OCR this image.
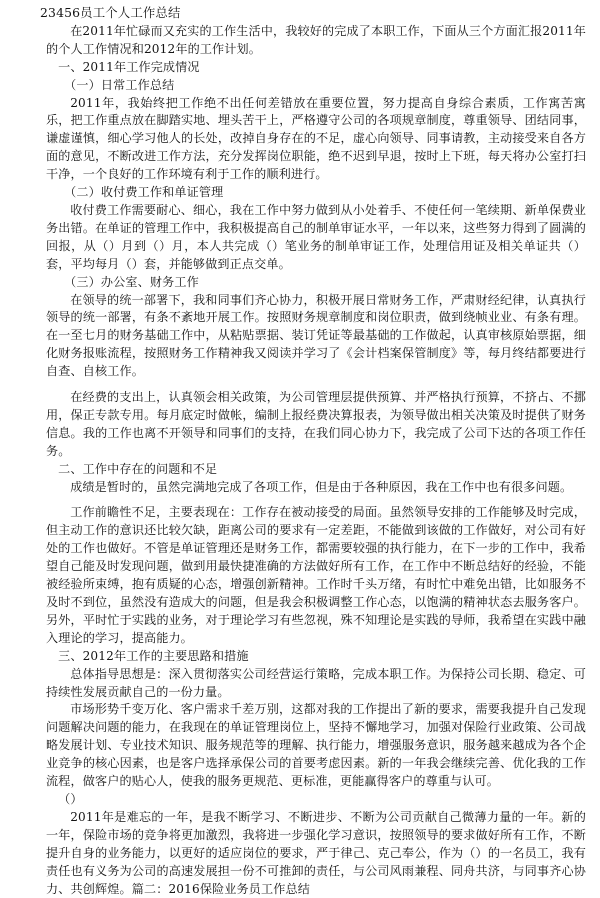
23456员工个人工作总结

在2011年忙碌而又充实的工作生活中，我较好的完成了本职工作，下面从三个方面汇报2011年的个人工作情况和2012年的工作计划。

一、2011年工作完成情况

（一）日常工作总结

2011年，我始终把工作绝不出任何差错放在重要位置，努力提高自身综合素质，工作寓苦寓乐，把工作重点放在脚踏实地、埋头苦干上，严格遵守公司的各项规章制度，尊重领导、团结同事，谦虚谨慎，细心学习他人的长处，改掉自身存在的不足，虚心向领导、同事请教，主动接受来自各方面的意见，不断改进工作方法，充分发挥岗位职能，绝不迟到早退，按时上下班，每天将办公室打扫干净，一个良好的工作环境有利于工作的顺利进行。

（二）收付费工作和单证管理

收付费工作需要耐心、细心，我在工作中努力做到从小处着手、不使任何一笔续期、新单保费业务出错。在单证的管理工作中，我积极提高自己的制单审证水平，一年以来，这些努力得到了圆满的回报，从（）月到（）月，本人共完成（）笔业务的制单审证工作，处理信用证及相关单证共（）套，平均每月（）套，并能够做到正点交单。

（三）办公室、财务工作

在领导的统一部署下，我和同事们齐心协力，积极开展日常财务工作，严肃财经纪律，认真执行领导的统一部署，有条不紊地开展工作。按照财务规章制度和岗位职责，做到绕帧业业、有条有理。在一至七月的财务基础工作中，从粘贴票据、装订凭证等最基础的工作做起，认真审核原始票据，细化财务报账流程，按照财务工作精神我又阅读并学习了《会计档案保管制度》等，每月终结都要进行自查、自核工作。

在经费的支出上，认真领会相关政策，为公司管理层提供预算、并严格执行预算，不挤占、不挪用，保正专款专用。每月底定时做帐，编制上报经费决算报表，为领导做出相关决策及时提供了财务信息。我的工作也离不开领导和同事们的支持，在我们同心协力下，我完成了公司下达的各项工作任务。

二、工作中存在的问题和不足

成绩是暂时的，虽然完满地完成了各项工作，但是由于各种原因，我在工作中也有很多问题。

工作前瞻性不足，主要表现在：工作存在被动接受的局面。虽然领导安排的工作能够及时完成，但主动工作的意识还比较欠缺，距离公司的要求有一定差距，不能做到该做的工作做好，对公司有好处的工作也做好。不管是单证管理还是财务工作，都需要较强的执行能力，在下一步的工作中，我希望自己能及时发现问题，做到用最快捷准确的方法做好所有工作，在工作中不断总结好的经验，不能被经验所束缚，抱有质疑的心态，增强创新精神。工作时千头万绪，有时忙中难免出错，比如服务不及时不到位，虽然没有造成大的问题，但是我会积极调整工作心态，以饱满的精神状态去服务客户。另外，平时忙于实践的业务，对于理论学习有些忽视，殊不知理论是实践的导师，我希望在实践中融入理论的学习，提高能力。

三、2012年工作的主要思路和措施

总体指导思想是：深入贯彻落实公司经营运行策略，完成本职工作。为保持公司长期、稳定、可持续性发展贡献自己的一份力量。

市场形势千变万化、客户需求千差万别，这都对我的工作提出了新的要求，需要我提升自己发现问题解决问题的能力，在我现在的单证管理岗位上，坚持不懈地学习，加强对保险行业政策、公司战略发展计划、专业技术知识、服务规范等的理解、执行能力，增强服务意识，服务越来越成为各个企业竞争的核心因素，也是客户选择承保公司的首要考虑因素。新的一年我会继续完善、优化我的工作流程，做客户的贴心人，使我的服务更规范、更标准，更能赢得客户的尊重与认可。

（）

2011年是难忘的一年，是我不断学习、不断进步、不断为公司贡献自己微薄力量的一年。新的一年，保险市场的竞争将更加激烈，我将进一步强化学习意识，按照领导的要求做好所有工作，不断提升自身的业务能力，以更好的适应岗位的要求，严于律己、克己奉公，作为（）的一名员工，我有责任也有义务为公司的高速发展担一份不可推卸的责任，与公司风雨兼程、同舟共济，与同事齐心协力、共创辉煌。篇二：2016保险业务员工作总结
